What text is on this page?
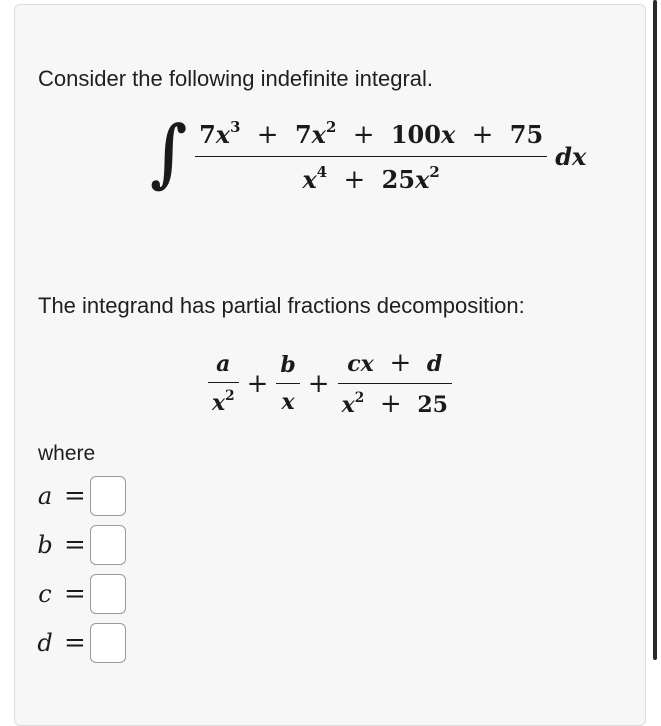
Consider the following indefinite integral.
∫ $\frac{7x^3 + 7x^2 + 100x + 75}{x^4 + 25x^2}$ dx
The integrand has partial fractions decomposition:
$\frac{a}{x^2} + \frac{b}{x} + \frac{cx + d}{x^2 + 25}$
where
a =
b =
c =
d =
